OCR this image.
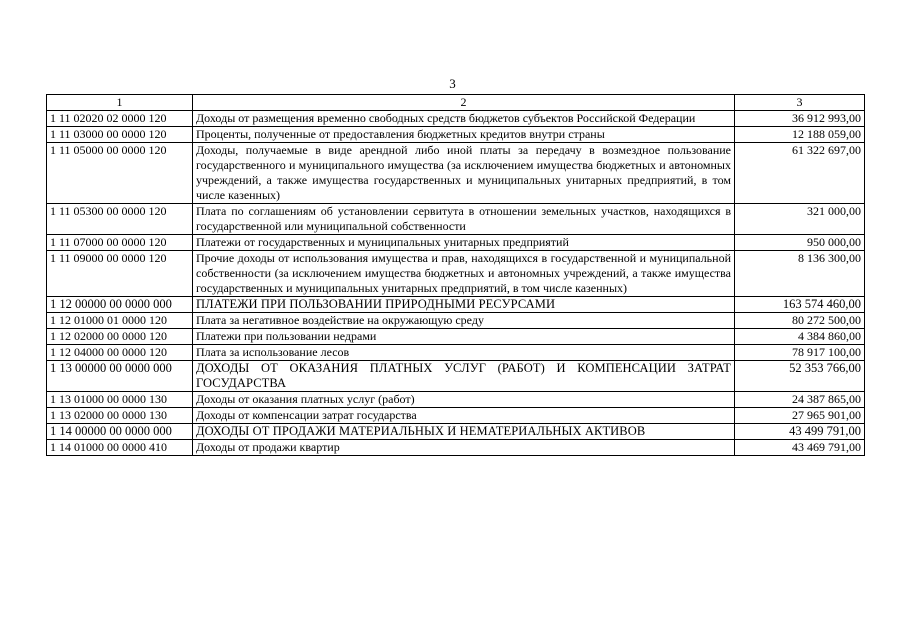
3
1	2	3
1 11 02020 02 0000 120	Доходы от размещения временно свободных средств бюджетов субъектов Российской Федерации	36 912 993,00
1 11 03000 00 0000 120	Проценты, полученные от предоставления бюджетных кредитов внутри страны	12 188 059,00
1 11 05000 00 0000 120	Доходы, получаемые в виде арендной либо иной платы за передачу в возмездное пользование государственного и муниципального имущества (за исключением имущества бюджетных и автономных учреждений, а также имущества государственных и муниципальных унитарных предприятий, в том числе казенных)	61 322 697,00
1 11 05300 00 0000 120	Плата по соглашениям об установлении сервитута в отношении земельных участков, находящихся в государственной или муниципальной собственности	321 000,00
1 11 07000 00 0000 120	Платежи от государственных и муниципальных унитарных предприятий	950 000,00
1 11 09000 00 0000 120	Прочие доходы от использования имущества и прав, находящихся в государственной и муниципальной собственности (за исключением имущества бюджетных и автономных учреждений, а также имущества государственных и муниципальных унитарных предприятий, в том числе казенных)	8 136 300,00
1 12 00000 00 0000 000	ПЛАТЕЖИ ПРИ ПОЛЬЗОВАНИИ ПРИРОДНЫМИ РЕСУРСАМИ	163 574 460,00
1 12 01000 01 0000 120	Плата за негативное воздействие на окружающую среду	80 272 500,00
1 12 02000 00 0000 120	Платежи при пользовании недрами	4 384 860,00
1 12 04000 00 0000 120	Плата за использование лесов	78 917 100,00
1 13 00000 00 0000 000	ДОХОДЫ ОТ ОКАЗАНИЯ ПЛАТНЫХ УСЛУГ (РАБОТ) И КОМПЕНСАЦИИ ЗАТРАТ ГОСУДАРСТВА	52 353 766,00
1 13 01000 00 0000 130	Доходы от оказания платных услуг (работ)	24 387 865,00
1 13 02000 00 0000 130	Доходы от компенсации затрат государства	27 965 901,00
1 14 00000 00 0000 000	ДОХОДЫ ОТ ПРОДАЖИ МАТЕРИАЛЬНЫХ И НЕМАТЕРИАЛЬНЫХ АКТИВОВ	43 499 791,00
1 14 01000 00 0000 410	Доходы от продажи квартир	43 469 791,00
